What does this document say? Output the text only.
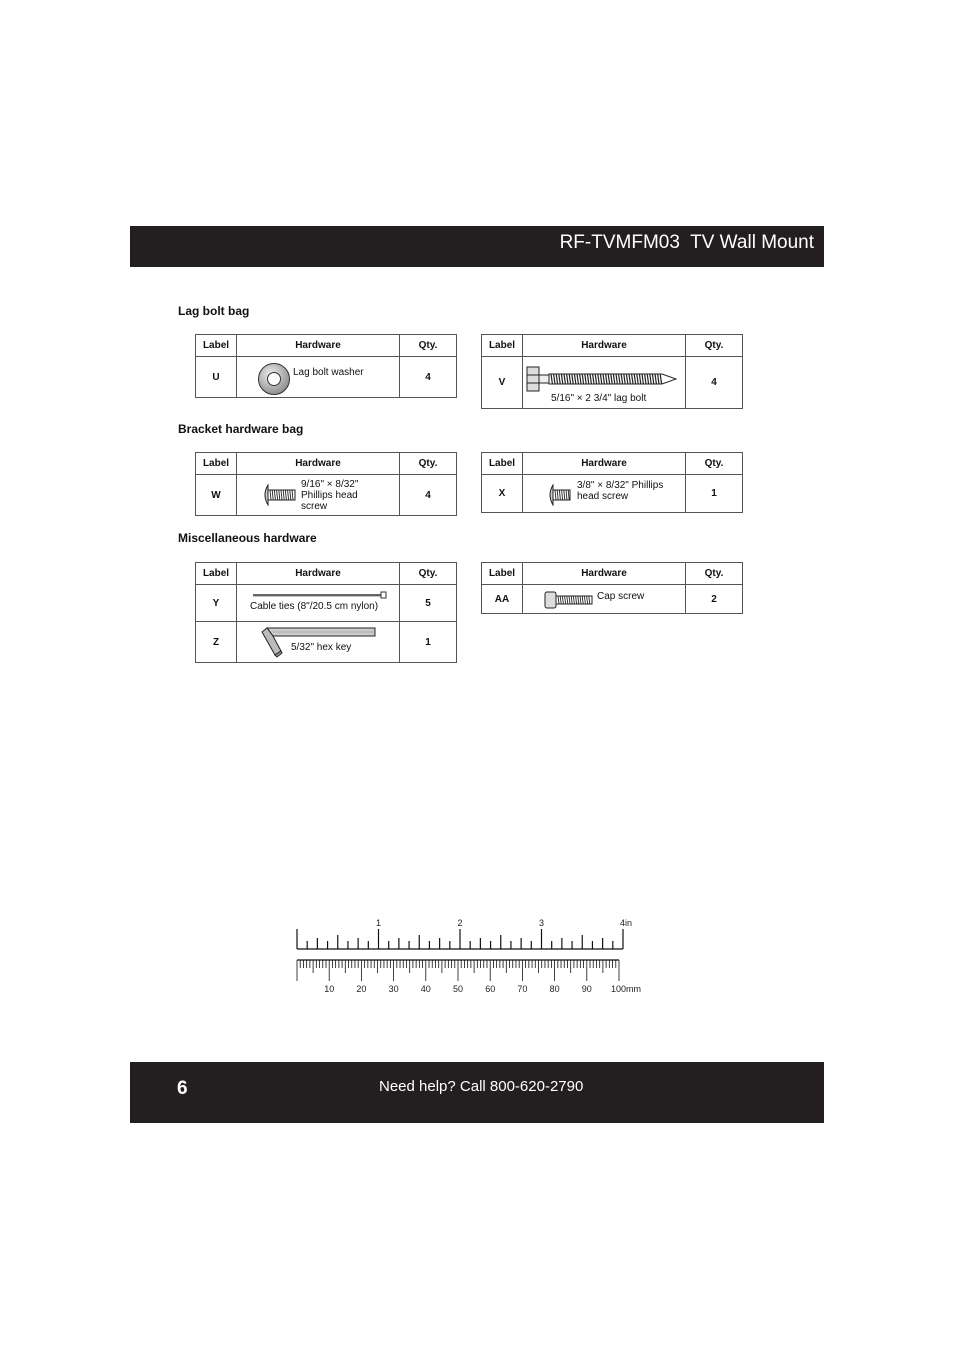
RF-TVMFM03  TV Wall Mount
Lag bolt bag
Label	Hardware	Qty.
U	Lag bolt washer	4
Label	Hardware	Qty.
V	5/16" × 2 3/4" lag bolt	4
Bracket hardware bag
Label	Hardware	Qty.
W	9/16" × 8/32"
Phillips head
screw	4
Label	Hardware	Qty.
X	3/8" × 8/32" Phillips
head screw	1
Miscellaneous hardware
Label	Hardware	Qty.
Y	Cable ties (8"/20.5 cm nylon)	5
Z	5/32" hex key	1
Label	Hardware	Qty.
AA	Cap screw	2
1	2	3	4in
10 20 30 40 50 60 70 80 90 100mm
6	Need help? Call 800-620-2790
